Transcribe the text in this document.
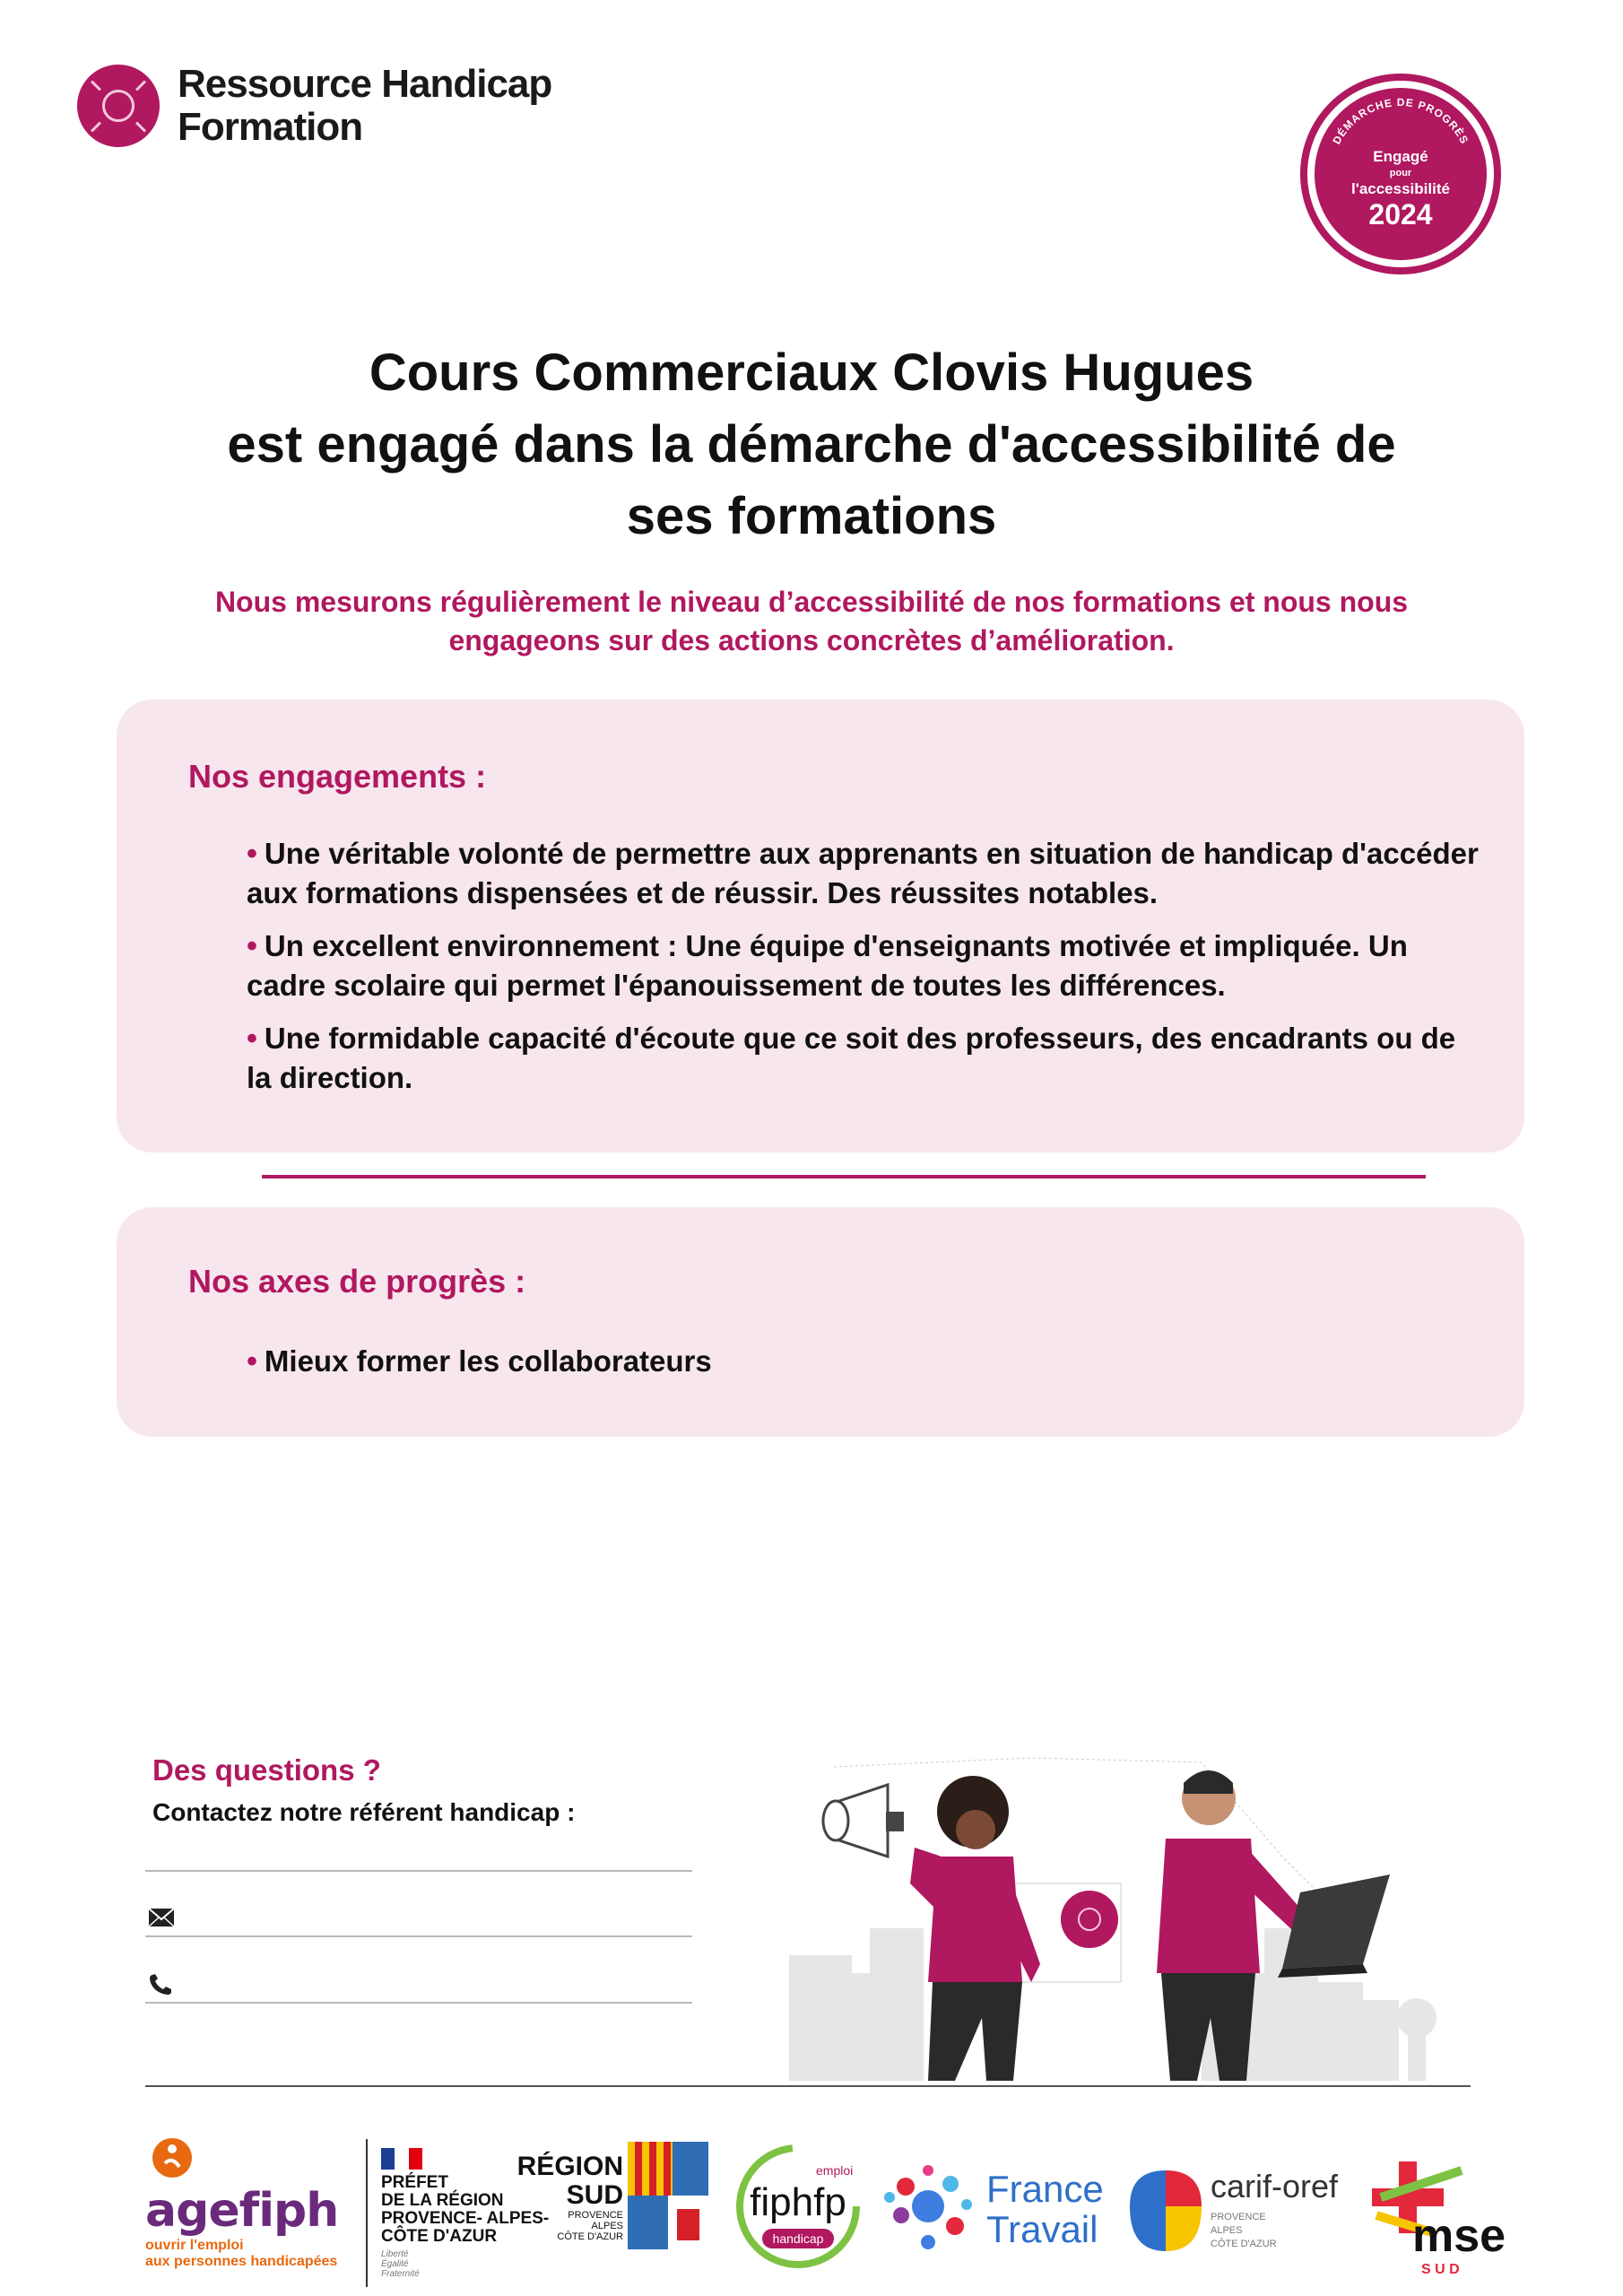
Ressource Handicap
Formation	DÉMARCHE DE PROGRÈS
Engagé
pour
l'accessibilité
2024
Cours Commerciaux Clovis Hugues
est engagé dans la démarche d'accessibilité de
ses formations
Nous mesurons régulièrement le niveau d’accessibilité de nos formations et nous nous
engageons sur des actions concrètes d’amélioration.
Nos engagements :
• Une véritable volonté de permettre aux apprenants en situation de handicap d'accéder aux formations dispensées et de réussir. Des réussites notables.
• Un excellent environnement : Une équipe d'enseignants motivée et impliquée. Un cadre scolaire qui permet l'épanouissement de toutes les différences.
• Une formidable capacité d'écoute que ce soit des professeurs, des encadrants ou de la direction.
Nos axes de progrès :
• Mieux former les collaborateurs
Des questions ?
Contactez notre référent handicap :
agefiph
ouvrir l'emploi
aux personnes handicapées
PRÉFET
DE LA RÉGION
PROVENCE- ALPES-
CÔTE D'AZUR
Liberté
Égalité
Fraternité
RÉGION
SUD
PROVENCE
ALPES
CÔTE D'AZUR
emploi
fiphfp
handicap
France
Travail
carif-oref
PROVENCE
ALPES
CÔTE D'AZUR	mse
S U D
